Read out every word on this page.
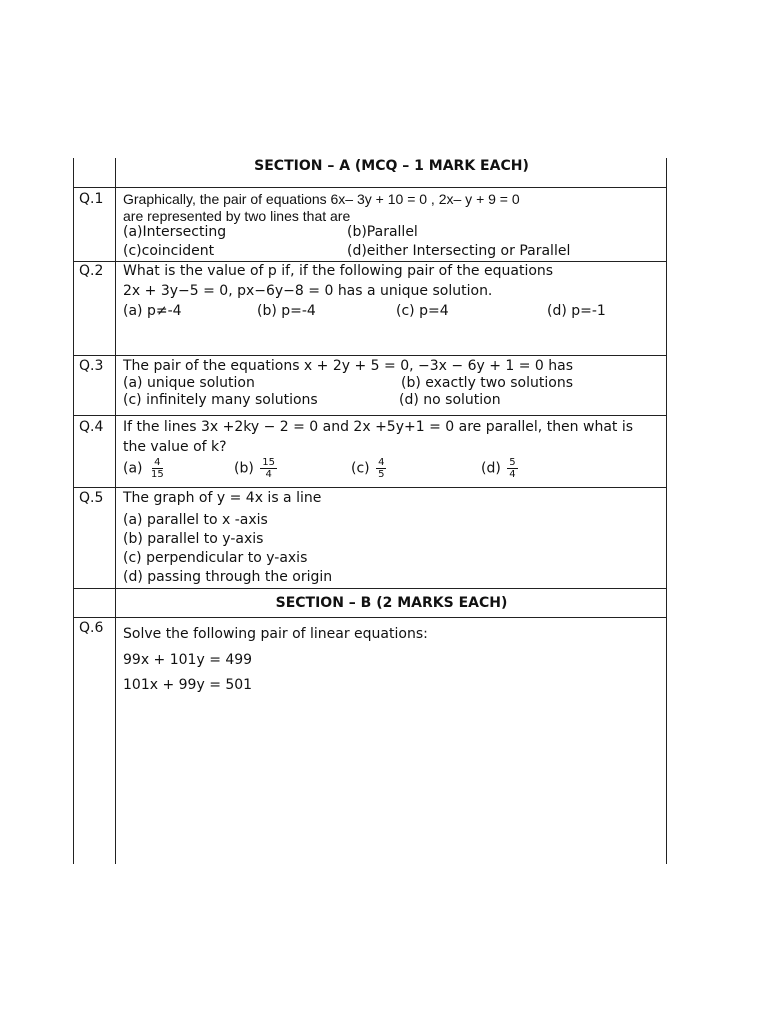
SECTION – A (MCQ – 1 MARK EACH)
Q.1 Graphically, the pair of equations 6x– 3y + 10 = 0 , 2x– y + 9 = 0
are represented by two lines that are
(a)Intersecting	(b)Parallel
(c)coincident	(d)either Intersecting or Parallel
Q.2 What is the value of p if, if the following pair of the equations
2x + 3y−5 = 0, px−6y−8 = 0 has a unique solution.
(a) p≠-4	(b) p=-4	(c) p=4	(d) p=-1
Q.3 The pair of the equations x + 2y + 5 = 0, −3x − 6y + 1 = 0 has
(a) unique solution	(b) exactly two solutions
(c) infinitely many solutions	(d) no solution
Q.4 If the lines 3x +2ky − 2 = 0 and 2x +5y+1 = 0 are parallel, then what is
the value of k?
$(a) \frac{4}{15}$	$(b) \frac{15}{4}$	$(c) \frac{4}{5}$	$(d) \frac{5}{4}$
Q.5 The graph of y = 4x is a line
(a) parallel to x -axis
(b) parallel to y-axis
(c) perpendicular to y-axis
(d) passing through the origin
SECTION – B (2 MARKS EACH)
Q.6 Solve the following pair of linear equations:
99x + 101y = 499
101x + 99y = 501
